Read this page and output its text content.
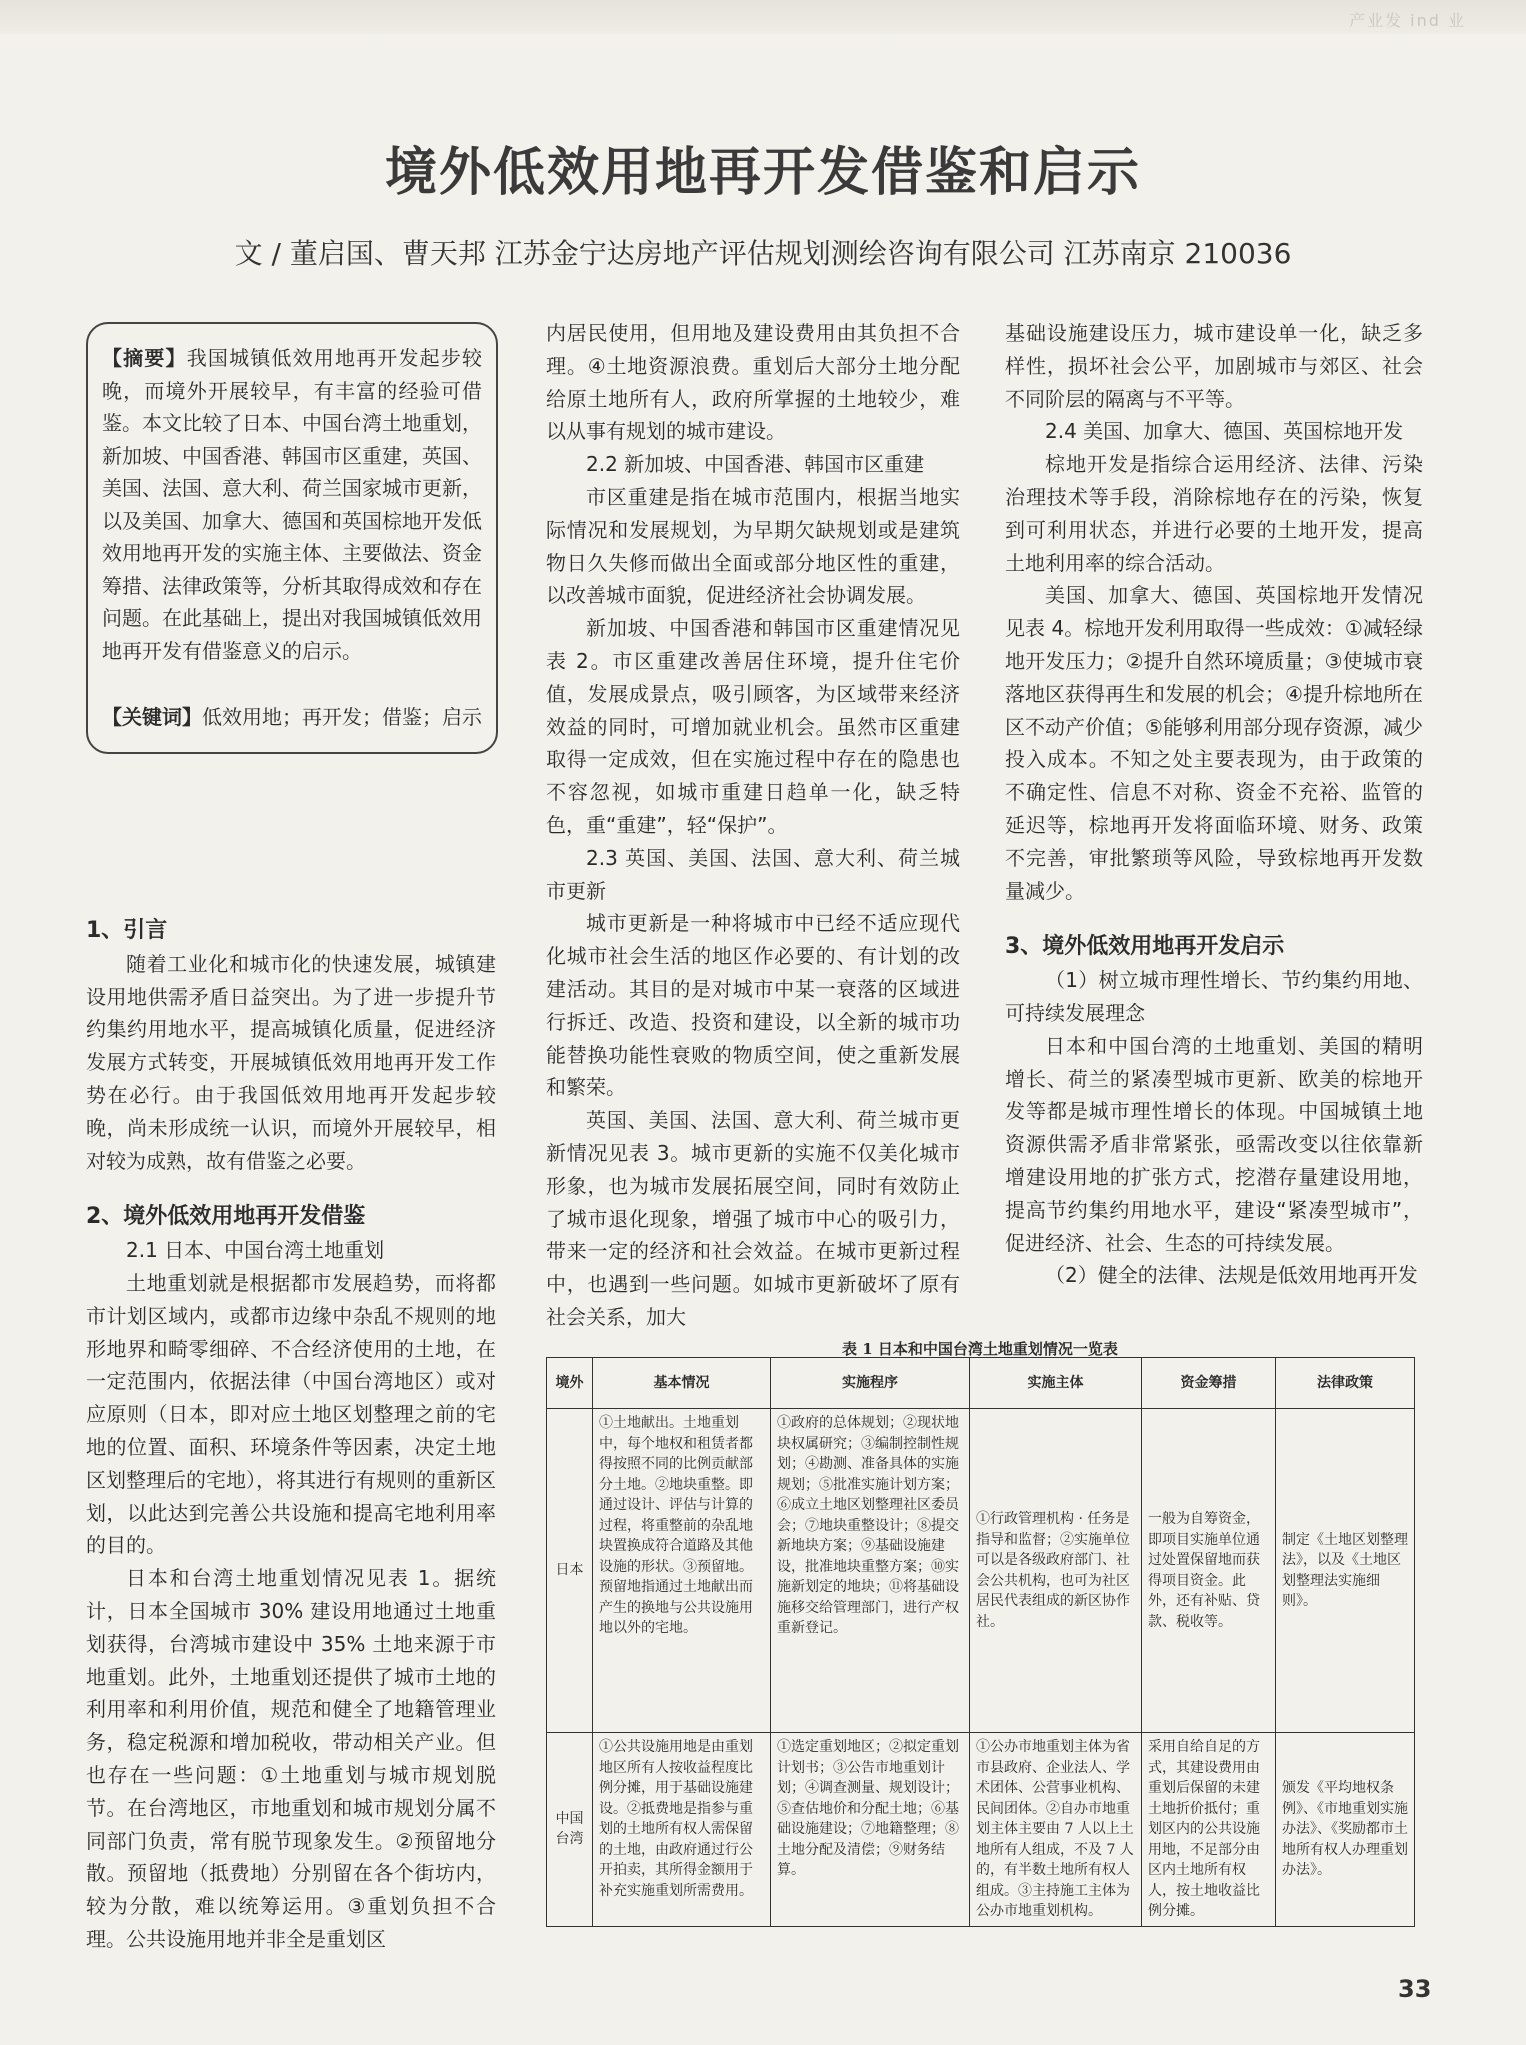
产业发 ind 业
境外低效用地再开发借鉴和启示
文 / 董启国、曹天邦 江苏金宁达房地产评估规划测绘咨询有限公司 江苏南京 210036

【摘要】我国城镇低效用地再开发起步较晚，而境外开展较早，有丰富的经验可借鉴。本文比较了日本、中国台湾土地重划，新加坡、中国香港、韩国市区重建，英国、美国、法国、意大利、荷兰国家城市更新，以及美国、加拿大、德国和英国棕地开发低效用地再开发的实施主体、主要做法、资金筹措、法律政策等，分析其取得成效和存在问题。在此基础上，提出对我国城镇低效用地再开发有借鉴意义的启示。

【关键词】低效用地；再开发；借鉴；启示

1、引言

随着工业化和城市化的快速发展，城镇建设用地供需矛盾日益突出。为了进一步提升节约集约用地水平，提高城镇化质量，促进经济发展方式转变，开展城镇低效用地再开发工作势在必行。由于我国低效用地再开发起步较晚，尚未形成统一认识，而境外开展较早，相对较为成熟，故有借鉴之必要。

2、境外低效用地再开发借鉴

2.1 日本、中国台湾土地重划

土地重划就是根据都市发展趋势，而将都市计划区域内，或都市边缘中杂乱不规则的地形地界和畸零细碎、不合经济使用的土地，在一定范围内，依据法律（中国台湾地区）或对应原则（日本，即对应土地区划整理之前的宅地的位置、面积、环境条件等因素，决定土地区划整理后的宅地），将其进行有规则的重新区划，以此达到完善公共设施和提高宅地利用率的目的。

日本和台湾土地重划情况见表 1。据统计，日本全国城市 30% 建设用地通过土地重划获得，台湾城市建设中 35% 土地来源于市地重划。此外，土地重划还提供了城市土地的利用率和利用价值，规范和健全了地籍管理业务，稳定税源和增加税收，带动相关产业。但也存在一些问题：①土地重划与城市规划脱节。在台湾地区，市地重划和城市规划分属不同部门负责，常有脱节现象发生。②预留地分散。预留地（抵费地）分别留在各个街坊内，较为分散，难以统筹运用。③重划负担不合理。公共设施用地并非全是重划区

内居民使用，但用地及建设费用由其负担不合理。④土地资源浪费。重划后大部分土地分配给原土地所有人，政府所掌握的土地较少，难以从事有规划的城市建设。

2.2 新加坡、中国香港、韩国市区重建

市区重建是指在城市范围内，根据当地实际情况和发展规划，为早期欠缺规划或是建筑物日久失修而做出全面或部分地区性的重建，以改善城市面貌，促进经济社会协调发展。

新加坡、中国香港和韩国市区重建情况见表 2。市区重建改善居住环境，提升住宅价值，发展成景点，吸引顾客，为区域带来经济效益的同时，可增加就业机会。虽然市区重建取得一定成效，但在实施过程中存在的隐患也不容忽视，如城市重建日趋单一化，缺乏特色，重“重建”，轻“保护”。

2.3 英国、美国、法国、意大利、荷兰城市更新

城市更新是一种将城市中已经不适应现代化城市社会生活的地区作必要的、有计划的改建活动。其目的是对城市中某一衰落的区域进行拆迁、改造、投资和建设，以全新的城市功能替换功能性衰败的物质空间，使之重新发展和繁荣。

英国、美国、法国、意大利、荷兰城市更新情况见表 3。城市更新的实施不仅美化城市形象，也为城市发展拓展空间，同时有效防止了城市退化现象，增强了城市中心的吸引力，带来一定的经济和社会效益。在城市更新过程中，也遇到一些问题。如城市更新破坏了原有社会关系，加大

基础设施建设压力，城市建设单一化，缺乏多样性，损坏社会公平，加剧城市与郊区、社会不同阶层的隔离与不平等。

2.4 美国、加拿大、德国、英国棕地开发

棕地开发是指综合运用经济、法律、污染治理技术等手段，消除棕地存在的污染，恢复到可利用状态，并进行必要的土地开发，提高土地利用率的综合活动。

美国、加拿大、德国、英国棕地开发情况见表 4。棕地开发利用取得一些成效：①减轻绿地开发压力；②提升自然环境质量；③使城市衰落地区获得再生和发展的机会；④提升棕地所在区不动产价值；⑤能够利用部分现存资源，减少投入成本。不知之处主要表现为，由于政策的不确定性、信息不对称、资金不充裕、监管的延迟等，棕地再开发将面临环境、财务、政策不完善，审批繁琐等风险，导致棕地再开发数量减少。

3、境外低效用地再开发启示

（1）树立城市理性增长、节约集约用地、可持续发展理念

日本和中国台湾的土地重划、美国的精明增长、荷兰的紧凑型城市更新、欧美的棕地开发等都是城市理性增长的体现。中国城镇土地资源供需矛盾非常紧张，亟需改变以往依靠新增建设用地的扩张方式，挖潜存量建设用地，提高节约集约用地水平，建设“紧凑型城市”，促进经济、社会、生态的可持续发展。

（2）健全的法律、法规是低效用地再开发

表 1 日本和中国台湾土地重划情况一览表
境外	基本情况	实施程序	实施主体	资金筹措	法律政策
日本	①土地献出。土地重划中，每个地权和租赁者都得按照不同的比例贡献部分土地。②地块重整。即通过设计、评估与计算的过程，将重整前的杂乱地块置换成符合道路及其他设施的形状。③预留地。预留地指通过土地献出而产生的换地与公共设施用地以外的宅地。	①政府的总体规划；②现状地块权属研究；③编制控制性规划；④勘测、准备具体的实施规划；⑤批准实施计划方案；⑥成立土地区划整理社区委员会；⑦地块重整设计；⑧提交新地块方案；⑨基础设施建设，批准地块重整方案；⑩实施新划定的地块；⑪将基础设施移交给管理部门，进行产权重新登记。	①行政管理机构 · 任务是指导和监督；②实施单位可以是各级政府部门、社会公共机构，也可为社区居民代表组成的新区协作社。	一般为自筹资金，即项目实施单位通过处置保留地而获得项目资金。此外，还有补贴、贷款、税收等。	制定《土地区划整理法》，以及《土地区划整理法实施细则》。
中国台湾	①公共设施用地是由重划地区所有人按收益程度比例分摊，用于基础设施建设。②抵费地是指参与重划的土地所有权人需保留的土地，由政府通过行公开拍卖，其所得金额用于补充实施重划所需费用。	①选定重划地区；②拟定重划计划书；③公告市地重划计划；④调查测量、规划设计；⑤查估地价和分配土地；⑥基础设施建设；⑦地籍整理；⑧土地分配及清偿；⑨财务结算。	①公办市地重划主体为省市县政府、企业法人、学术团体、公营事业机构、民间团体。②自办市地重划主体主要由 7 人以上土地所有人组成，不及 7 人的，有半数土地所有权人组成。③主持施工主体为公办市地重划机构。	采用自给自足的方式，其建设费用由重划后保留的未建土地折价抵付；重划区内的公共设施用地，不足部分由区内土地所有权人，按土地收益比例分摊。	颁发《平均地权条例》、《市地重划实施办法》、《奖励都市土地所有权人办理重划办法》。
33
